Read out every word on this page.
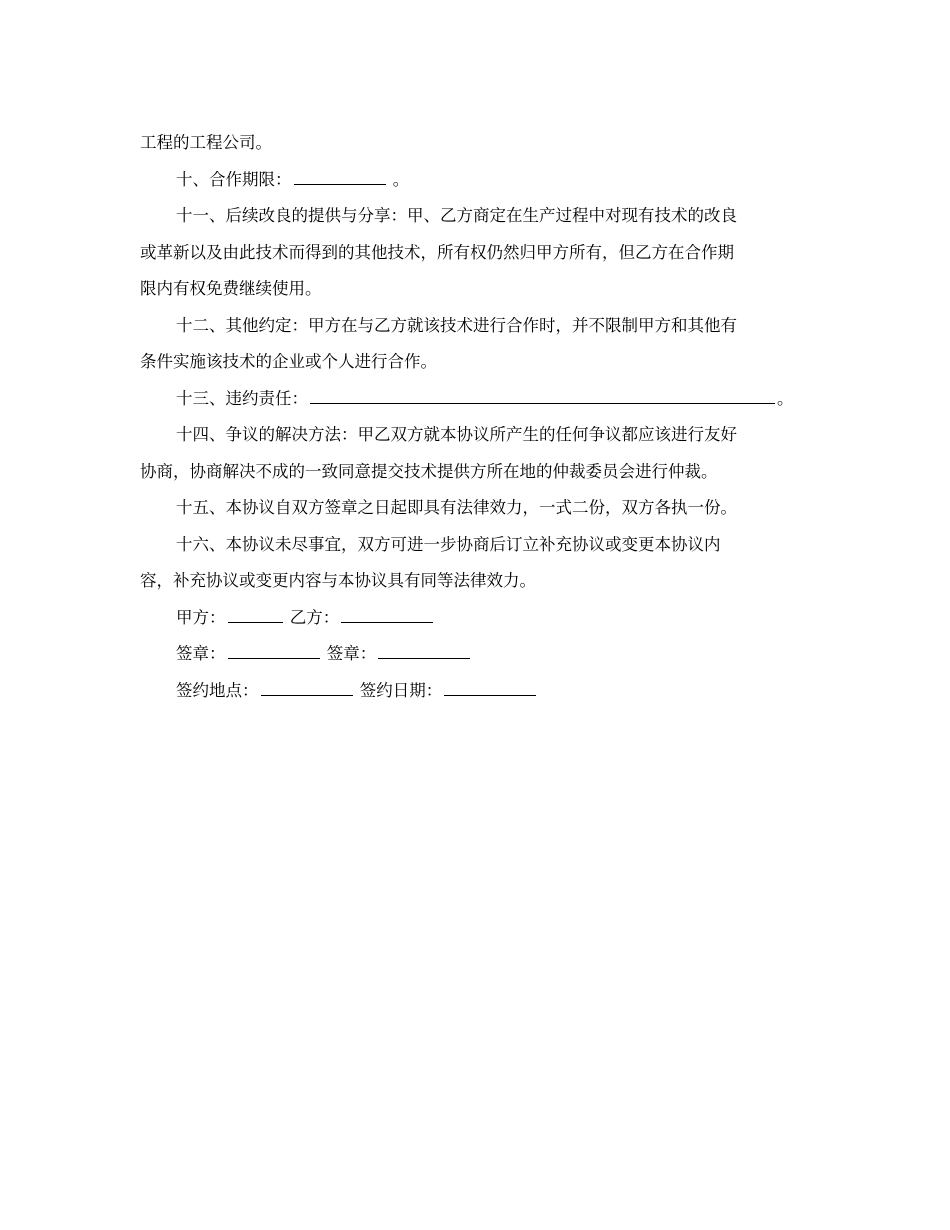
工程的工程公司。

十、合作期限：	。

十一、后续改良的提供与分享：甲、乙方商定在生产过程中对现有技术的改良

或革新以及由此技术而得到的其他技术，所有权仍然归甲方所有，但乙方在合作期

限内有权免费继续使用。

十二、其他约定：甲方在与乙方就该技术进行合作时，并不限制甲方和其他有

条件实施该技术的企业或个人进行合作。

十三、违约责任：	。

十四、争议的解决方法：甲乙双方就本协议所产生的任何争议都应该进行友好

协商，协商解决不成的一致同意提交技术提供方所在地的仲裁委员会进行仲裁。

十五、本协议自双方签章之日起即具有法律效力，一式二份，双方各执一份。

十六、本协议未尽事宜，双方可进一步协商后订立补充协议或变更本协议内

容，补充协议或变更内容与本协议具有同等法律效力。

甲方：	乙方：

签章：	签章：

签约地点：	签约日期：
